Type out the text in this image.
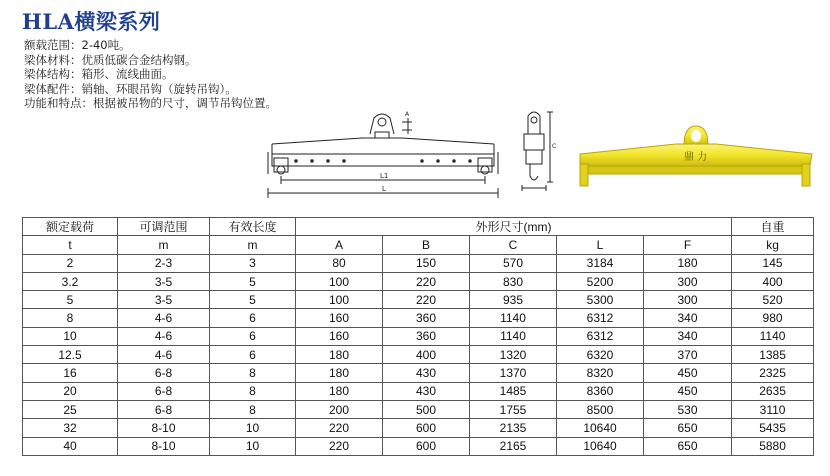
HLA横梁系列
额载范围：2-40吨。
梁体材料：优质低碳合金结构钢。
梁体结构：箱形、流线曲面。
梁体配件：销轴、环眼吊钩（旋转吊钩）。
功能和特点：根据被吊物的尺寸，调节吊钩位置。
L1
L
A
C
鼎 力
额定载荷	可调范围	有效长度	外形尺寸(mm)					自重
t	m	m	A	B	C	L	F	kg
2	2-3	3	80	150	570	3184	180	145
3.2	3-5	5	100	220	830	5200	300	400
5	3-5	5	100	220	935	5300	300	520
8	4-6	6	160	360	1140	6312	340	980
10	4-6	6	160	360	1140	6312	340	1140
12.5	4-6	6	180	400	1320	6320	370	1385
16	6-8	8	180	430	1370	8320	450	2325
20	6-8	8	180	430	1485	8360	450	2635
25	6-8	8	200	500	1755	8500	530	3110
32	8-10	10	220	600	2135	10640	650	5435
40	8-10	10	220	600	2165	10640	650	5880
